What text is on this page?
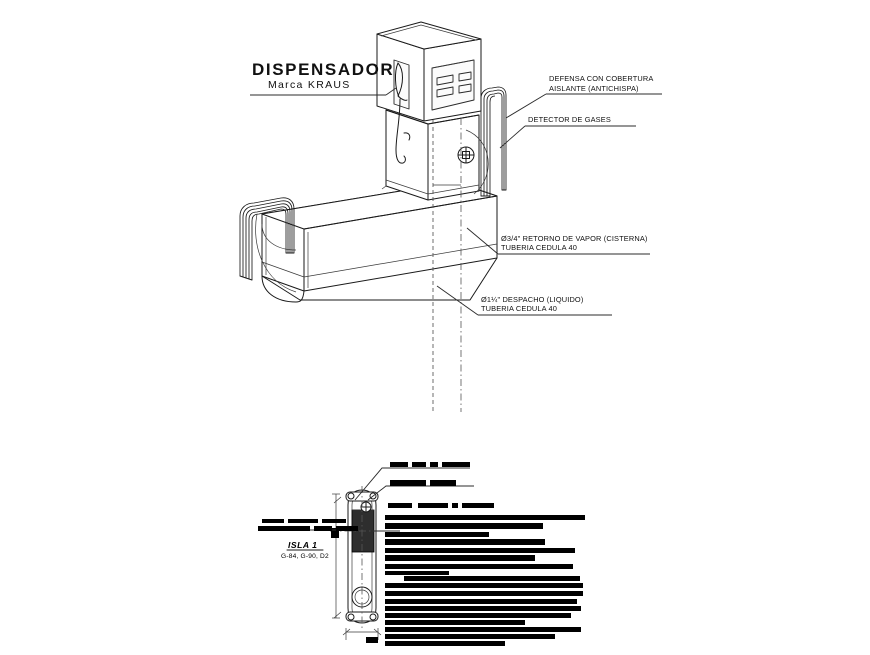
DISPENSADOR
Marca KRAUS
DEFENSA CON COBERTURA
AISLANTE (ANTICHISPA)
DETECTOR DE GASES
Ø3/4" RETORNO DE VAPOR (CISTERNA)
TUBERIA CEDULA 40
Ø1¼" DESPACHO (LIQUIDO)
TUBERIA CEDULA 40
ISLA 1
G-84, G-90, D2
